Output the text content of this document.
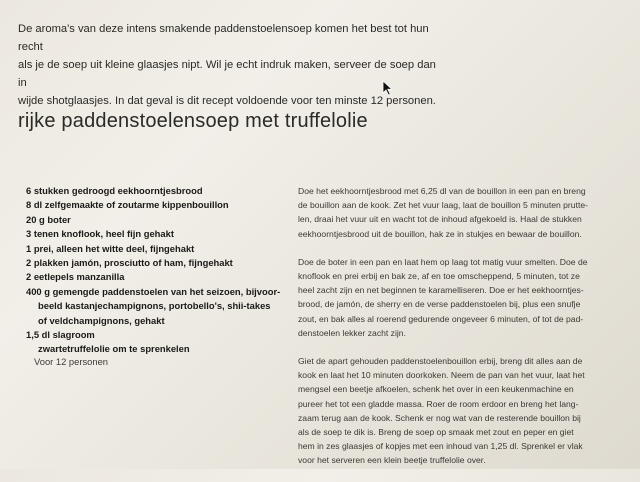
De aroma's van deze intens smakende paddenstoelensoep komen het best tot hun recht

als je de soep uit kleine glaasjes nipt. Wil je echt indruk maken, serveer de soep dan in

wijde shotglaasjes. In dat geval is dit recept voldoende voor ten minste 12 personen.

rijke paddenstoelensoep met truffelolie
6 stukken gedroogd eekhoorntjesbrood
8 dl zelfgemaakte of zoutarme kippenbouillon
20 g boter
3 tenen knoflook, heel fijn gehakt
1 prei, alleen het witte deel, fijngehakt
2 plakken jamón, prosciutto of ham, fijngehakt
2 eetlepels manzanilla
400 g gemengde paddenstoelen van het seizoen, bijvoor-
beeld kastanjechampignons, portobello's, shii-takes
of veldchampignons, gehakt
1,5 dl slagroom
zwartetruffelolie om te sprenkelen
Voor 12 personen
Doe het eekhoorntjesbrood met 6,25 dl van de bouillon in een pan en breng
de bouillon aan de kook. Zet het vuur laag, laat de bouillon 5 minuten prutte-
len, draai het vuur uit en wacht tot de inhoud afgekoeld is. Haal de stukken
eekhoorntjesbrood uit de bouillon, hak ze in stukjes en bewaar de bouillon.
Doe de boter in een pan en laat hem op laag tot matig vuur smelten. Doe de
knoflook en prei erbij en bak ze, af en toe omscheppend, 5 minuten, tot ze
heel zacht zijn en net beginnen te karamelliseren. Doe er het eekhoorntjes-
brood, de jamón, de sherry en de verse paddenstoelen bij, plus een snufje
zout, en bak alles al roerend gedurende ongeveer 6 minuten, of tot de pad-
denstoelen lekker zacht zijn.
Giet de apart gehouden paddenstoelenbouillon erbij, breng dit alles aan de
kook en laat het 10 minuten doorkoken. Neem de pan van het vuur, laat het
mengsel een beetje afkoelen, schenk het over in een keukenmachine en
pureer het tot een gladde massa. Roer de room erdoor en breng het lang-
zaam terug aan de kook. Schenk er nog wat van de resterende bouillon bij
als de soep te dik is. Breng de soep op smaak met zout en peper en giet
hem in zes glaasjes of kopjes met een inhoud van 1,25 dl. Sprenkel er vlak
voor het serveren een klein beetje truffelolie over.
